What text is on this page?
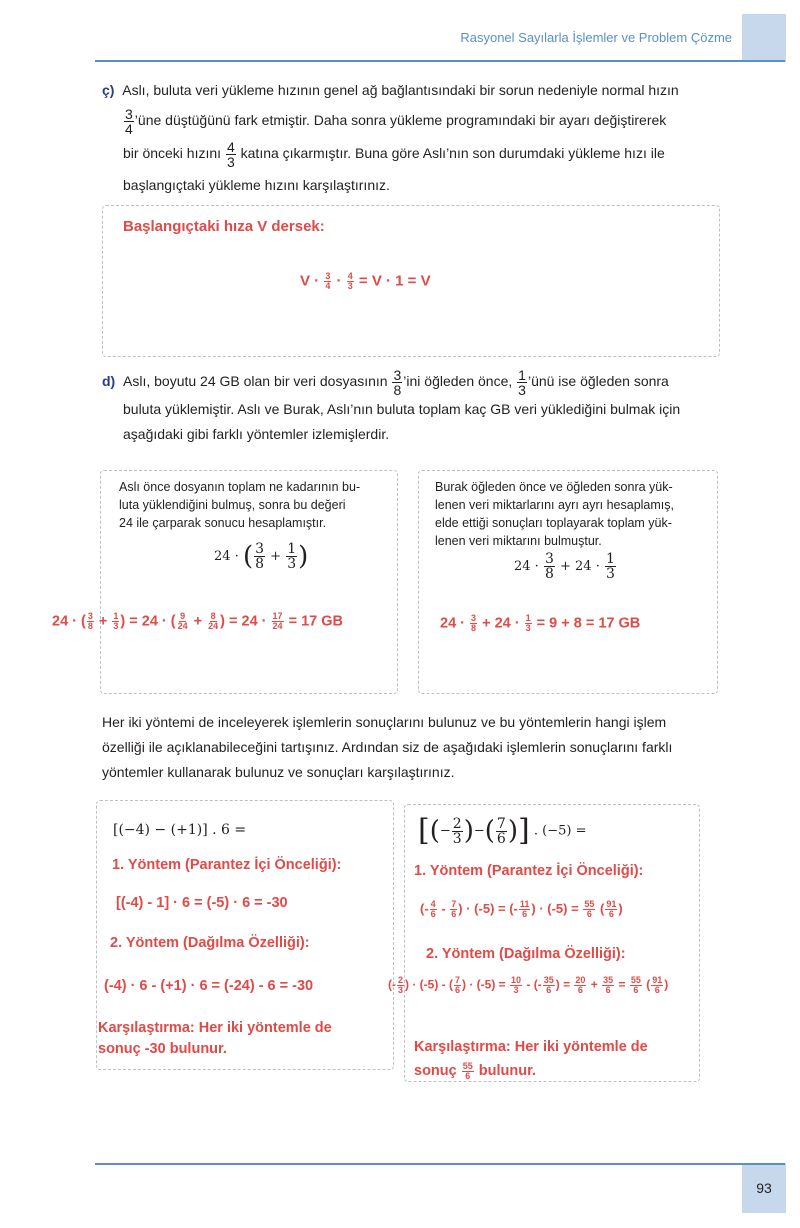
Rasyonel Sayılarla İşlemler ve Problem Çözme
ç) Aslı, buluta veri yükleme hızının genel ağ bağlantısındaki bir sorun nedeniyle normal hızın
$\frac{3}{4}$ ’üne düştüğünü fark etmiştir. Daha sonra yükleme programındaki bir ayarı değiştirerek
bir önceki hızını $\frac{4}{3}$ katına çıkarmıştır. Buna göre Aslı’nın son durumdaki yükleme hızı ile
başlangıçtaki yükleme hızını karşılaştırınız.
Başlangıçtaki hıza V dersek:
$V \cdot \frac{3}{4} \cdot \frac{4}{3} = V \cdot 1 = V$
d) Aslı, boyutu 24 GB olan bir veri dosyasının $\frac{3}{8}$ ’ini öğleden önce, $\frac{1}{3}$ ’ünü ise öğleden sonra
buluta yüklemiştir. Aslı ve Burak, Aslı’nın buluta toplam kaç GB veri yüklediğini bulmak için
aşağıdaki gibi farklı yöntemler izlemişlerdir.
Aslı önce dosyanın toplam ne kadarının bu-
luta yüklendiğini bulmuş, sonra bu değeri
24 ile çarparak sonucu hesaplamıştır.
24 · ( $\frac{3}{8} + \frac{1}{3}$ )
24 · ( $\frac{3}{8} + \frac{1}{3}$ ) = 24 · ( $\frac{9}{24} + \frac{8}{24}$ ) = $24 \cdot \frac{17}{24} = 17$ GB
Burak öğleden önce ve öğleden sonra yük-
lenen veri miktarlarını ayrı ayrı hesaplamış,
elde ettiği sonuçları toplayarak toplam yük-
lenen veri miktarını bulmuştur.
$24 \cdot \frac{3}{8} + 24 \cdot \frac{1}{3}$
$24 \cdot \frac{3}{8} + 24 \cdot \frac{1}{3} = 9 + 8 = 17$ GB
Her iki yöntemi de inceleyerek işlemlerin sonuçlarını bulunuz ve bu yöntemlerin hangi işlem
özelliği ile açıklanabileceğini tartışınız. Ardından siz de aşağıdaki işlemlerin sonuçlarını farklı
yöntemler kullanarak bulunuz ve sonuçları karşılaştırınız.
[(−4) − (+1)] . 6 =
1. Yöntem (Parantez İçi Önceliği):
[(-4) - 1] · 6 = (-5) · 6 = -30
2. Yöntem (Dağılma Özelliği):
(-4) · 6 - (+1) · 6 = (-24) - 6 = -30
Karşılaştırma: Her iki yöntemle de
sonuç -30 bulunur.
[(− $\frac{2}{3}$ )−( $\frac{7}{6}$ )] . (−5) =
1. Yöntem (Parantez İçi Önceliği):
(- $\frac{4}{6} - \frac{7}{6}$ ) · (-5) = (- $\frac{11}{6}$ ) · $(-5) = \frac{55}{6}$ ( $\frac{91}{6}$ )
2. Yöntem (Dağılma Özelliği):
(- $\frac{2}{3}$ ) · (-5) - ( $\frac{7}{6}$ ) · $(-5) = \frac{10}{3}$ - (- $\frac{35}{6}$ ) = $\frac{20}{6} + \frac{35}{6} = \frac{55}{6}$ ( $\frac{91}{6}$ )
Karşılaştırma: Her iki yöntemle de
sonuç $\frac{55}{6}$ bulunur.
93
